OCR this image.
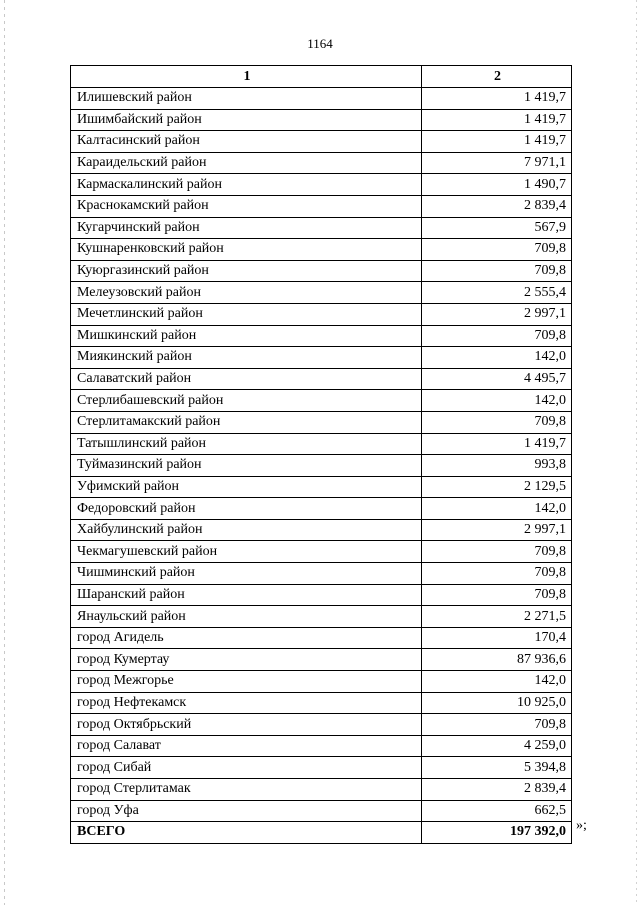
1164
1	2
Илишевский район	1 419,7
Ишимбайский район	1 419,7
Калтасинский район	1 419,7
Караидельский район	7 971,1
Кармаскалинский район	1 490,7
Краснокамский район	2 839,4
Кугарчинский район	567,9
Кушнаренковский район	709,8
Куюргазинский район	709,8
Мелеузовский район	2 555,4
Мечетлинский район	2 997,1
Мишкинский район	709,8
Миякинский район	142,0
Салаватский район	4 495,7
Стерлибашевский район	142,0
Стерлитамакский район	709,8
Татышлинский район	1 419,7
Туймазинский район	993,8
Уфимский район	2 129,5
Федоровский район	142,0
Хайбулинский район	2 997,1
Чекмагушевский район	709,8
Чишминский район	709,8
Шаранский район	709,8
Янаульский район	2 271,5
город Агидель	170,4
город Кумертау	87 936,6
город Межгорье	142,0
город Нефтекамск	10 925,0
город Октябрьский	709,8
город Салават	4 259,0
город Сибай	5 394,8
город Стерлитамак	2 839,4
город Уфа	662,5
ВСЕГО	197 392,0 »;
